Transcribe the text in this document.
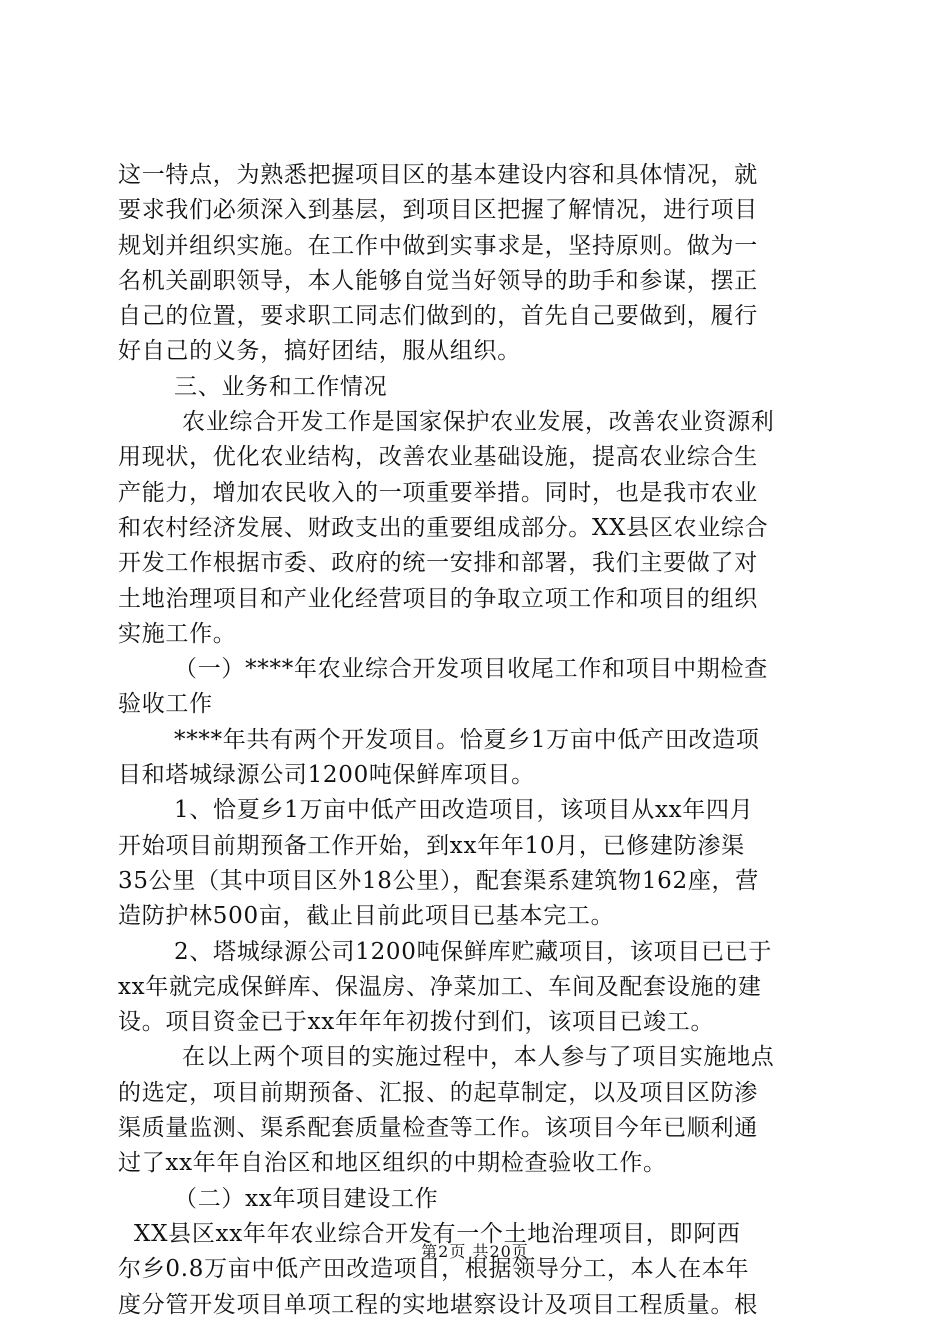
这一特点，为熟悉把握项目区的基本建设内容和具体情况，就
要求我们必须深入到基层，到项目区把握了解情况，进行项目
规划并组织实施。在工作中做到实事求是，坚持原则。做为一
名机关副职领导，本人能够自觉当好领导的助手和参谋，摆正
自己的位置，要求职工同志们做到的，首先自己要做到，履行
好自己的义务，搞好团结，服从组织。
三、业务和工作情况
农业综合开发工作是国家保护农业发展，改善农业资源利
用现状，优化农业结构，改善农业基础设施，提高农业综合生
产能力，增加农民收入的一项重要举措。同时，也是我市农业
和农村经济发展、财政支出的重要组成部分。XX县区农业综合
开发工作根据市委、政府的统一安排和部署，我们主要做了对
土地治理项目和产业化经营项目的争取立项工作和项目的组织
实施工作。
（一）****年农业综合开发项目收尾工作和项目中期检查
验收工作
****年共有两个开发项目。恰夏乡1万亩中低产田改造项
目和塔城绿源公司1200吨保鲜库项目。
1、恰夏乡1万亩中低产田改造项目，该项目从xx年四月
开始项目前期预备工作开始，到xx年年10月，已修建防渗渠
35公里（其中项目区外18公里），配套渠系建筑物162座，营
造防护林500亩，截止目前此项目已基本完工。
2、塔城绿源公司1200吨保鲜库贮藏项目，该项目已已于
xx年就完成保鲜库、保温房、净菜加工、车间及配套设施的建
设。项目资金已于xx年年年初拨付到们，该项目已竣工。
在以上两个项目的实施过程中，本人参与了项目实施地点
的选定，项目前期预备、汇报、的起草制定，以及项目区防渗
渠质量监测、渠系配套质量检查等工作。该项目今年已顺利通
过了xx年年自治区和地区组织的中期检查验收工作。
（二）xx年项目建设工作
XX县区xx年年农业综合开发有一个土地治理项目，即阿西
尔乡0.8万亩中低产田改造项目，根据领导分工，本人在本年
度分管开发项目单项工程的实地堪察设计及项目工程质量。根
第2页 共20页
